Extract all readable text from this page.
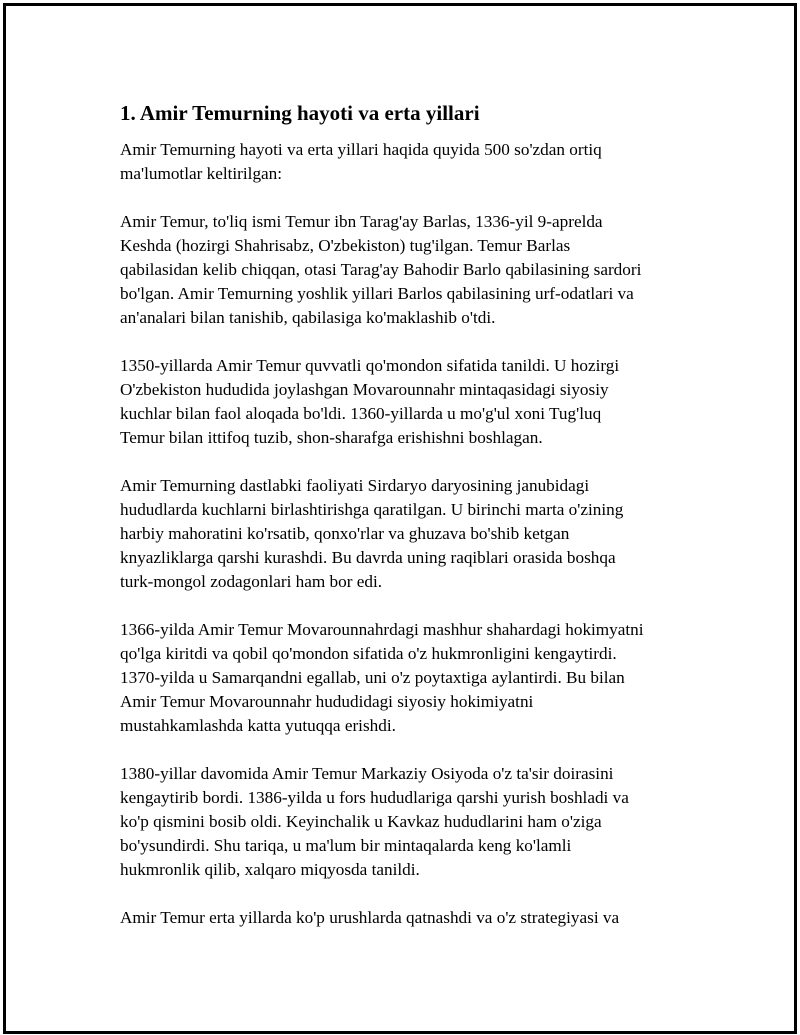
1. Amir Temurning hayoti va erta yillari

Amir Temurning hayoti va erta yillari haqida quyida 500 so'zdan ortiq
ma'lumotlar keltirilgan:

Amir Temur, to'liq ismi Temur ibn Tarag'ay Barlas, 1336-yil 9-aprelda
Keshda (hozirgi Shahrisabz, O'zbekiston) tug'ilgan. Temur Barlas
qabilasidan kelib chiqqan, otasi Tarag'ay Bahodir Barlo qabilasining sardori
bo'lgan. Amir Temurning yoshlik yillari Barlos qabilasining urf-odatlari va
an'analari bilan tanishib, qabilasiga ko'maklashib o'tdi.

1350-yillarda Amir Temur quvvatli qo'mondon sifatida tanildi. U hozirgi
O'zbekiston hududida joylashgan Movarounnahr mintaqasidagi siyosiy
kuchlar bilan faol aloqada bo'ldi. 1360-yillarda u mo'g'ul xoni Tug'luq
Temur bilan ittifoq tuzib, shon-sharafga erishishni boshlagan.

Amir Temurning dastlabki faoliyati Sirdaryo daryosining janubidagi
hududlarda kuchlarni birlashtirishga qaratilgan. U birinchi marta o'zining
harbiy mahoratini ko'rsatib, qonxo'rlar va ghuzava bo'shib ketgan
knyazliklarga qarshi kurashdi. Bu davrda uning raqiblari orasida boshqa
turk-mongol zodagonlari ham bor edi.

1366-yilda Amir Temur Movarounnahrdagi mashhur shahardagi hokimyatni
qo'lga kiritdi va qobil qo'mondon sifatida o'z hukmronligini kengaytirdi.
1370-yilda u Samarqandni egallab, uni o'z poytaxtiga aylantirdi. Bu bilan
Amir Temur Movarounnahr hududidagi siyosiy hokimiyatni
mustahkamlashda katta yutuqqa erishdi.

1380-yillar davomida Amir Temur Markaziy Osiyoda o'z ta'sir doirasini
kengaytirib bordi. 1386-yilda u fors hududlariga qarshi yurish boshladi va
ko'p qismini bosib oldi. Keyinchalik u Kavkaz hududlarini ham o'ziga
bo'ysundirdi. Shu tariqa, u ma'lum bir mintaqalarda keng ko'lamli
hukmronlik qilib, xalqaro miqyosda tanildi.

Amir Temur erta yillarda ko'p urushlarda qatnashdi va o'z strategiyasi va
